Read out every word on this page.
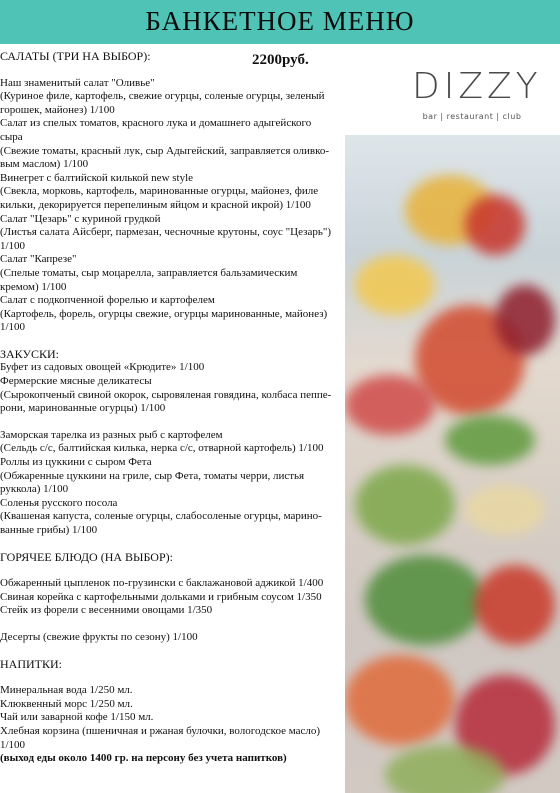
БАНКЕТНОЕ МЕНЮ
DIZZY
bar | restaurant | club
2200руб.

САЛАТЫ (ТРИ НА ВЫБОР):

Наш знаменитый салат "Оливье"

(Куриное филе, картофель, свежие огурцы, соленые огурцы, зеленый

горошек, майонез) 1/100

Салат из спелых томатов, красного лука и домашнего адыгейского

сыра

(Свежие томаты, красный лук, сыр Адыгейский, заправляется оливко-

вым маслом) 1/100

Винегрет с балтийской килькой new style

(Свекла, морковь, картофель, маринованные огурцы, майонез, филе

кильки, декорируется перепелиным яйцом и красной икрой) 1/100

Салат "Цезарь" с куриной грудкой

(Листья салата Айсберг, пармезан, чесночные крутоны, соус "Цезарь")

1/100

Салат "Капрезе"

(Спелые томаты, сыр моцарелла, заправляется бальзамическим

кремом) 1/100

Салат с подкопченной форелью и картофелем

(Картофель, форель, огурцы свежие, огурцы маринованные, майонез)

1/100

ЗАКУСКИ:

Буфет из садовых овощей «Крюдите» 1/100

Фермерские мясные деликатесы

(Сырокопченый свиной окорок, сыровяленая говядина, колбаса пеппе-

рони, маринованные огурцы) 1/100

Заморская тарелка из разных рыб с картофелем

(Сельдь с/с, балтийская килька, нерка с/с, отварной картофель) 1/100

Роллы из цуккини с сыром Фета

(Обжаренные цуккини на гриле, сыр Фета, томаты черри, листья

руккола) 1/100

Соленья русского посола

(Квашеная капуста, соленые огурцы, слабосоленые огурцы, марино-

ванные грибы) 1/100

ГОРЯЧЕЕ БЛЮДО (НА ВЫБОР):

Обжаренный цыпленок по-грузински с баклажановой аджикой 1/400

Свиная корейка с картофельными дольками и грибным соусом 1/350

Стейк из форели с весенними овощами 1/350

Десерты (свежие фрукты по сезону) 1/100

НАПИТКИ:

Минеральная вода 1/250 мл.

Клюквенный морс 1/250 мл.

Чай или заварной кофе 1/150 мл.

Хлебная корзина (пшеничная и ржаная булочки, вологодское масло)

1/100

(выход еды около 1400 гр. на персону без учета напитков)
